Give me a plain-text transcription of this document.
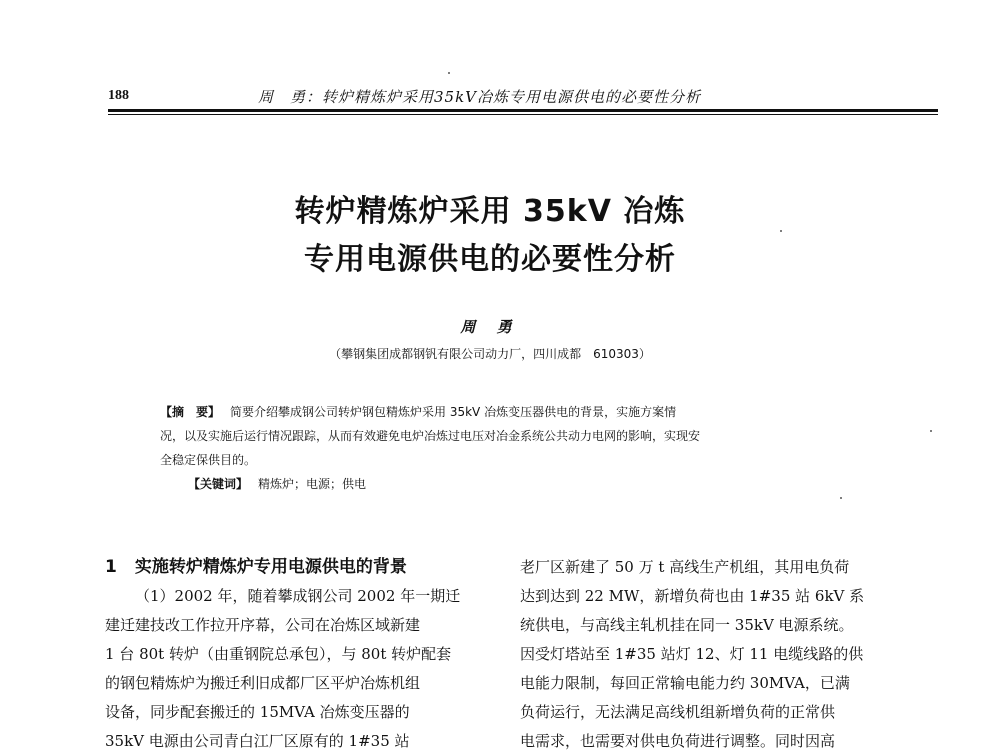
188	周　勇：转炉精炼炉采用35kV冶炼专用电源供电的必要性分析
转炉精炼炉采用 35kV 冶炼
专用电源供电的必要性分析
周 勇
（攀钢集团成都钢钒有限公司动力厂，四川成都　610303）
【摘　要】 简要介绍攀成钢公司转炉钢包精炼炉采用 35kV 冶炼变压器供电的背景，实施方案情
况，以及实施后运行情况跟踪，从而有效避免电炉冶炼过电压对冶金系统公共动力电网的影响，实现安
全稳定保供目的。
【关键词】 精炼炉；电源；供电
1 实施转炉精炼炉专用电源供电的背景
（1）2002 年，随着攀成钢公司 2002 年一期迁
建迁建技改工作拉开序幕，公司在冶炼区域新建
1 台 80t 转炉（由重钢院总承包），与 80t 转炉配套
的钢包精炼炉为搬迁利旧成都厂区平炉冶炼机组
设备，同步配套搬迁的 15MVA 冶炼变压器的
35kV 电源由公司青白江厂区原有的 1#35 站
老厂区新建了 50 万 t 高线生产机组，其用电负荷
达到达到 22 MW，新增负荷也由 1#35 站 6kV 系
统供电，与高线主轧机挂在同一 35kV 电源系统。
因受灯塔站至 1#35 站灯 12、灯 11 电缆线路的供
电能力限制，每回正常输电能力约 30MVA，已满
负荷运行，无法满足高线机组新增负荷的正常供
电需求，也需要对供电负荷进行调整。同时因高
